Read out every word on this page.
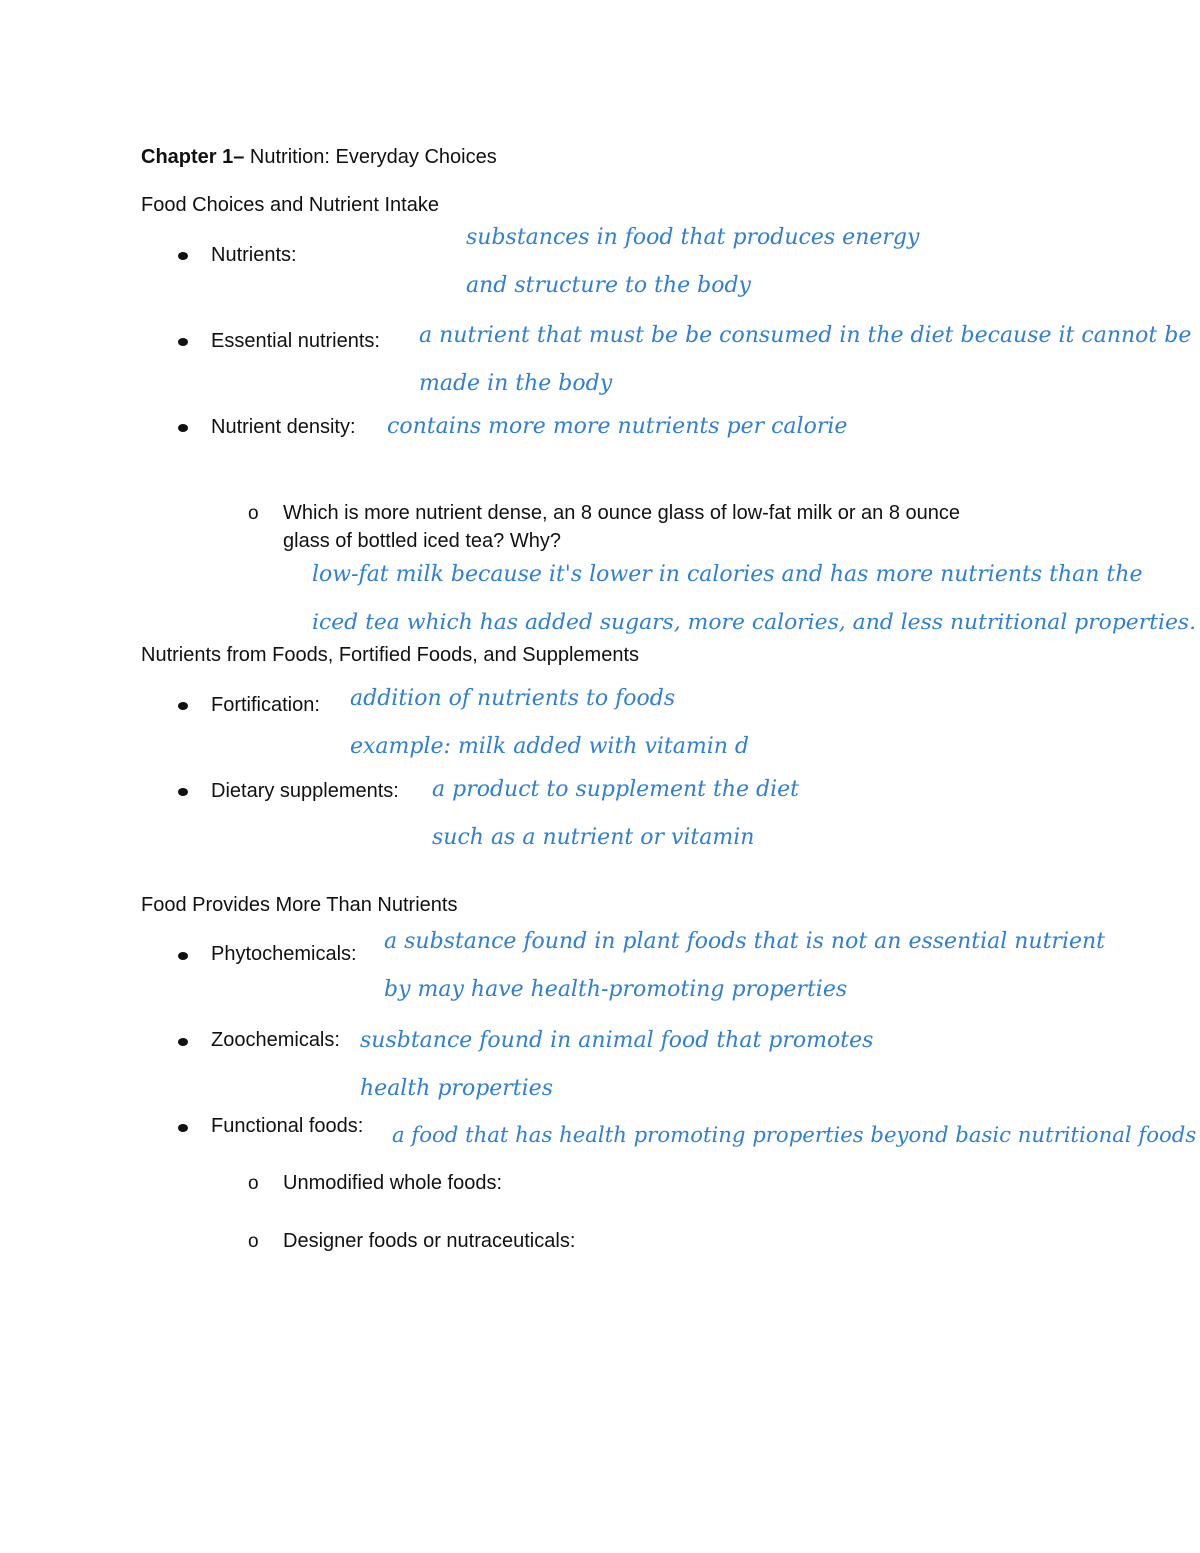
Chapter 1– Nutrition: Everyday Choices
Food Choices and Nutrient Intake
Nutrients:
substances in food that produces energy
and structure to the body
Essential nutrients: a nutrient that must be be consumed in the diet because it cannot be
made in the body
Nutrient density: contains more more nutrients per calorie
o Which is more nutrient dense, an 8 ounce glass of low-fat milk or an 8 ounce
glass of bottled iced tea? Why?
low-fat milk because it's lower in calories and has more nutrients than the
iced tea which has added sugars, more calories, and less nutritional properties.
Nutrients from Foods, Fortified Foods, and Supplements
Fortification: addition of nutrients to foods
example: milk added with vitamin d
Dietary supplements: a product to supplement the diet
such as a nutrient or vitamin
Food Provides More Than Nutrients
Phytochemicals: a substance found in plant foods that is not an essential nutrient
by may have health-promoting properties
Zoochemicals: susbtance found in animal food that promotes
health properties
Functional foods: a food that has health promoting properties beyond basic nutritional foods
o Unmodified whole foods:
o Designer foods or nutraceuticals:
